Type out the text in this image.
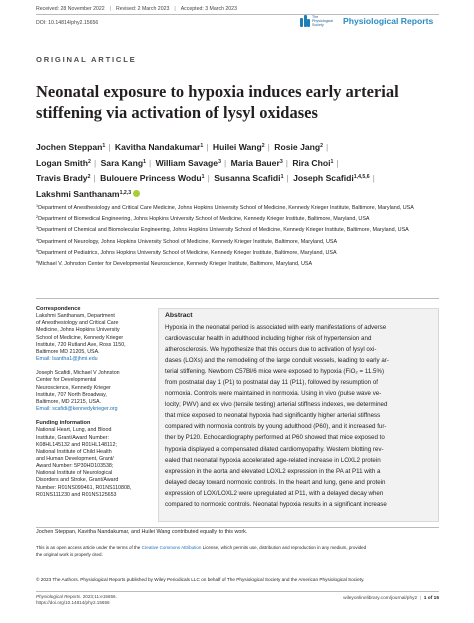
Received: 28 November 2022 | Revised: 2 March 2023 | Accepted: 3 March 2023
DOI: 10.14814/phy2.15656
The Physiological Society	Physiological Reports
ORIGINAL ARTICLE
Neonatal exposure to hypoxia induces early arterial
stiffening via activation of lysyl oxidases
Jochen Steppan$^1$ | Kavitha Nandakumar$^1$ | Huilei Wang$^2$ | Rosie Jang$^2$ |
Logan Smith$^2$ | Sara Kang$^1$ | William Savage$^3$ | Maria Bauer$^3$ | Rira Choi$^1$ |
Travis Brady$^2$ | Bulouere Princess Wodu$^1$ | Susanna Scafidi$^1$ | Joseph Scafidi$^{1,4,5,6}$ |
Lakshmi Santhanam$^{1,2,3}$

$^1$Department of Anesthesiology and Critical Care Medicine, Johns Hopkins University School of Medicine, Kennedy Krieger Institute, Baltimore, Maryland, USA

$^2$Department of Biomedical Engineering, Johns Hopkins University School of Medicine, Kennedy Krieger Institute, Baltimore, Maryland, USA

$^3$Department of Chemical and Biomolecular Engineering, Johns Hopkins University School of Medicine, Kennedy Krieger Institute, Baltimore, Maryland, USA

$^4$Department of Neurology, Johns Hopkins University School of Medicine, Kennedy Krieger Institute, Baltimore, Maryland, USA

$^5$Department of Pediatrics, Johns Hopkins University School of Medicine, Kennedy Krieger Institute, Baltimore, Maryland, USA

$^6$Michael V. Johnston Center for Developmental Neuroscience, Kennedy Krieger Institute, Baltimore, Maryland, USA

Correspondence

Lakshmi Santhanam, Department
of Anesthesiology and Critical Care
Medicine, Johns Hopkins University
School of Medicine, Kennedy Krieger
Institute, 720 Rutland Ave, Ross 1150,
Baltimore MD 21205, USA.

Email: lsantha1@jhmi.edu

Joseph Scafidi, Michael V Johnston
Center for Developmental
Neuroscience, Kennedy Krieger
Institute, 707 North Broadway,
Baltimore, MD 21215, USA.

Email: scafidi@kennedykrieger.org

Funding information

National Heart, Lung, and Blood
Institute, Grant/Award Number:
K08HL145132 and R01HL148112;
National Institute of Child Health
and Human Development, Grant/
Award Number: 5P30HD103538;
National Institute of Neurological
Disorders and Stroke, Grant/Award
Number: R01NS099461, R01NS110808,
R01NS111230 and R01NS125653

Abstract
Hypoxia in the neonatal period is associated with early manifestations of adverse
cardiovascular health in adulthood including higher risk of hypertension and
atherosclerosis. We hypothesize that this occurs due to activation of lysyl oxi-
dases (LOXs) and the remodeling of the large conduit vessels, leading to early ar-
terial stiffening. Newborn C57Bl/6 mice were exposed to hypoxia (FiO₂ = 11.5%)
from postnatal day 1 (P1) to postnatal day 11 (P11), followed by resumption of
normoxia. Controls were maintained in normoxia. Using in vivo (pulse wave ve-
locity; PWV) and ex vivo (tensile testing) arterial stiffness indexes, we determined
that mice exposed to neonatal hypoxia had significantly higher arterial stiffness
compared with normoxia controls by young adulthood (P60), and it increased fur-
ther by P120. Echocardiography performed at P60 showed that mice exposed to
hypoxia displayed a compensated dilated cardiomyopathy. Western blotting rev-
ealed that neonatal hypoxia accelerated age-related increase in LOXL2 protein
expression in the aorta and elevated LOXL2 expression in the PA at P11 with a
delayed decay toward normoxic controls. In the heart and lung, gene and protein
expression of LOX/LOXL2 were upregulated at P11, with a delayed decay when
compared to normoxic controls. Neonatal hypoxia results in a significant increase
Jochen Steppan, Kavitha Nandakumar, and Huilei Wang contributed equally to this work.
This is an open access article under the terms of the Creative Commons Attribution License, which permits use, distribution and reproduction in any medium, provided
the original work is properly cited.
© 2023 The Authors. Physiological Reports published by Wiley Periodicals LLC on behalf of The Physiological Society and the American Physiological Society.
Physiological Reports. 2023;11:e15656.
https://doi.org/10.14814/phy2.15656
wileyonlinelibrary.com/journal/phy2 | 1 of 15
